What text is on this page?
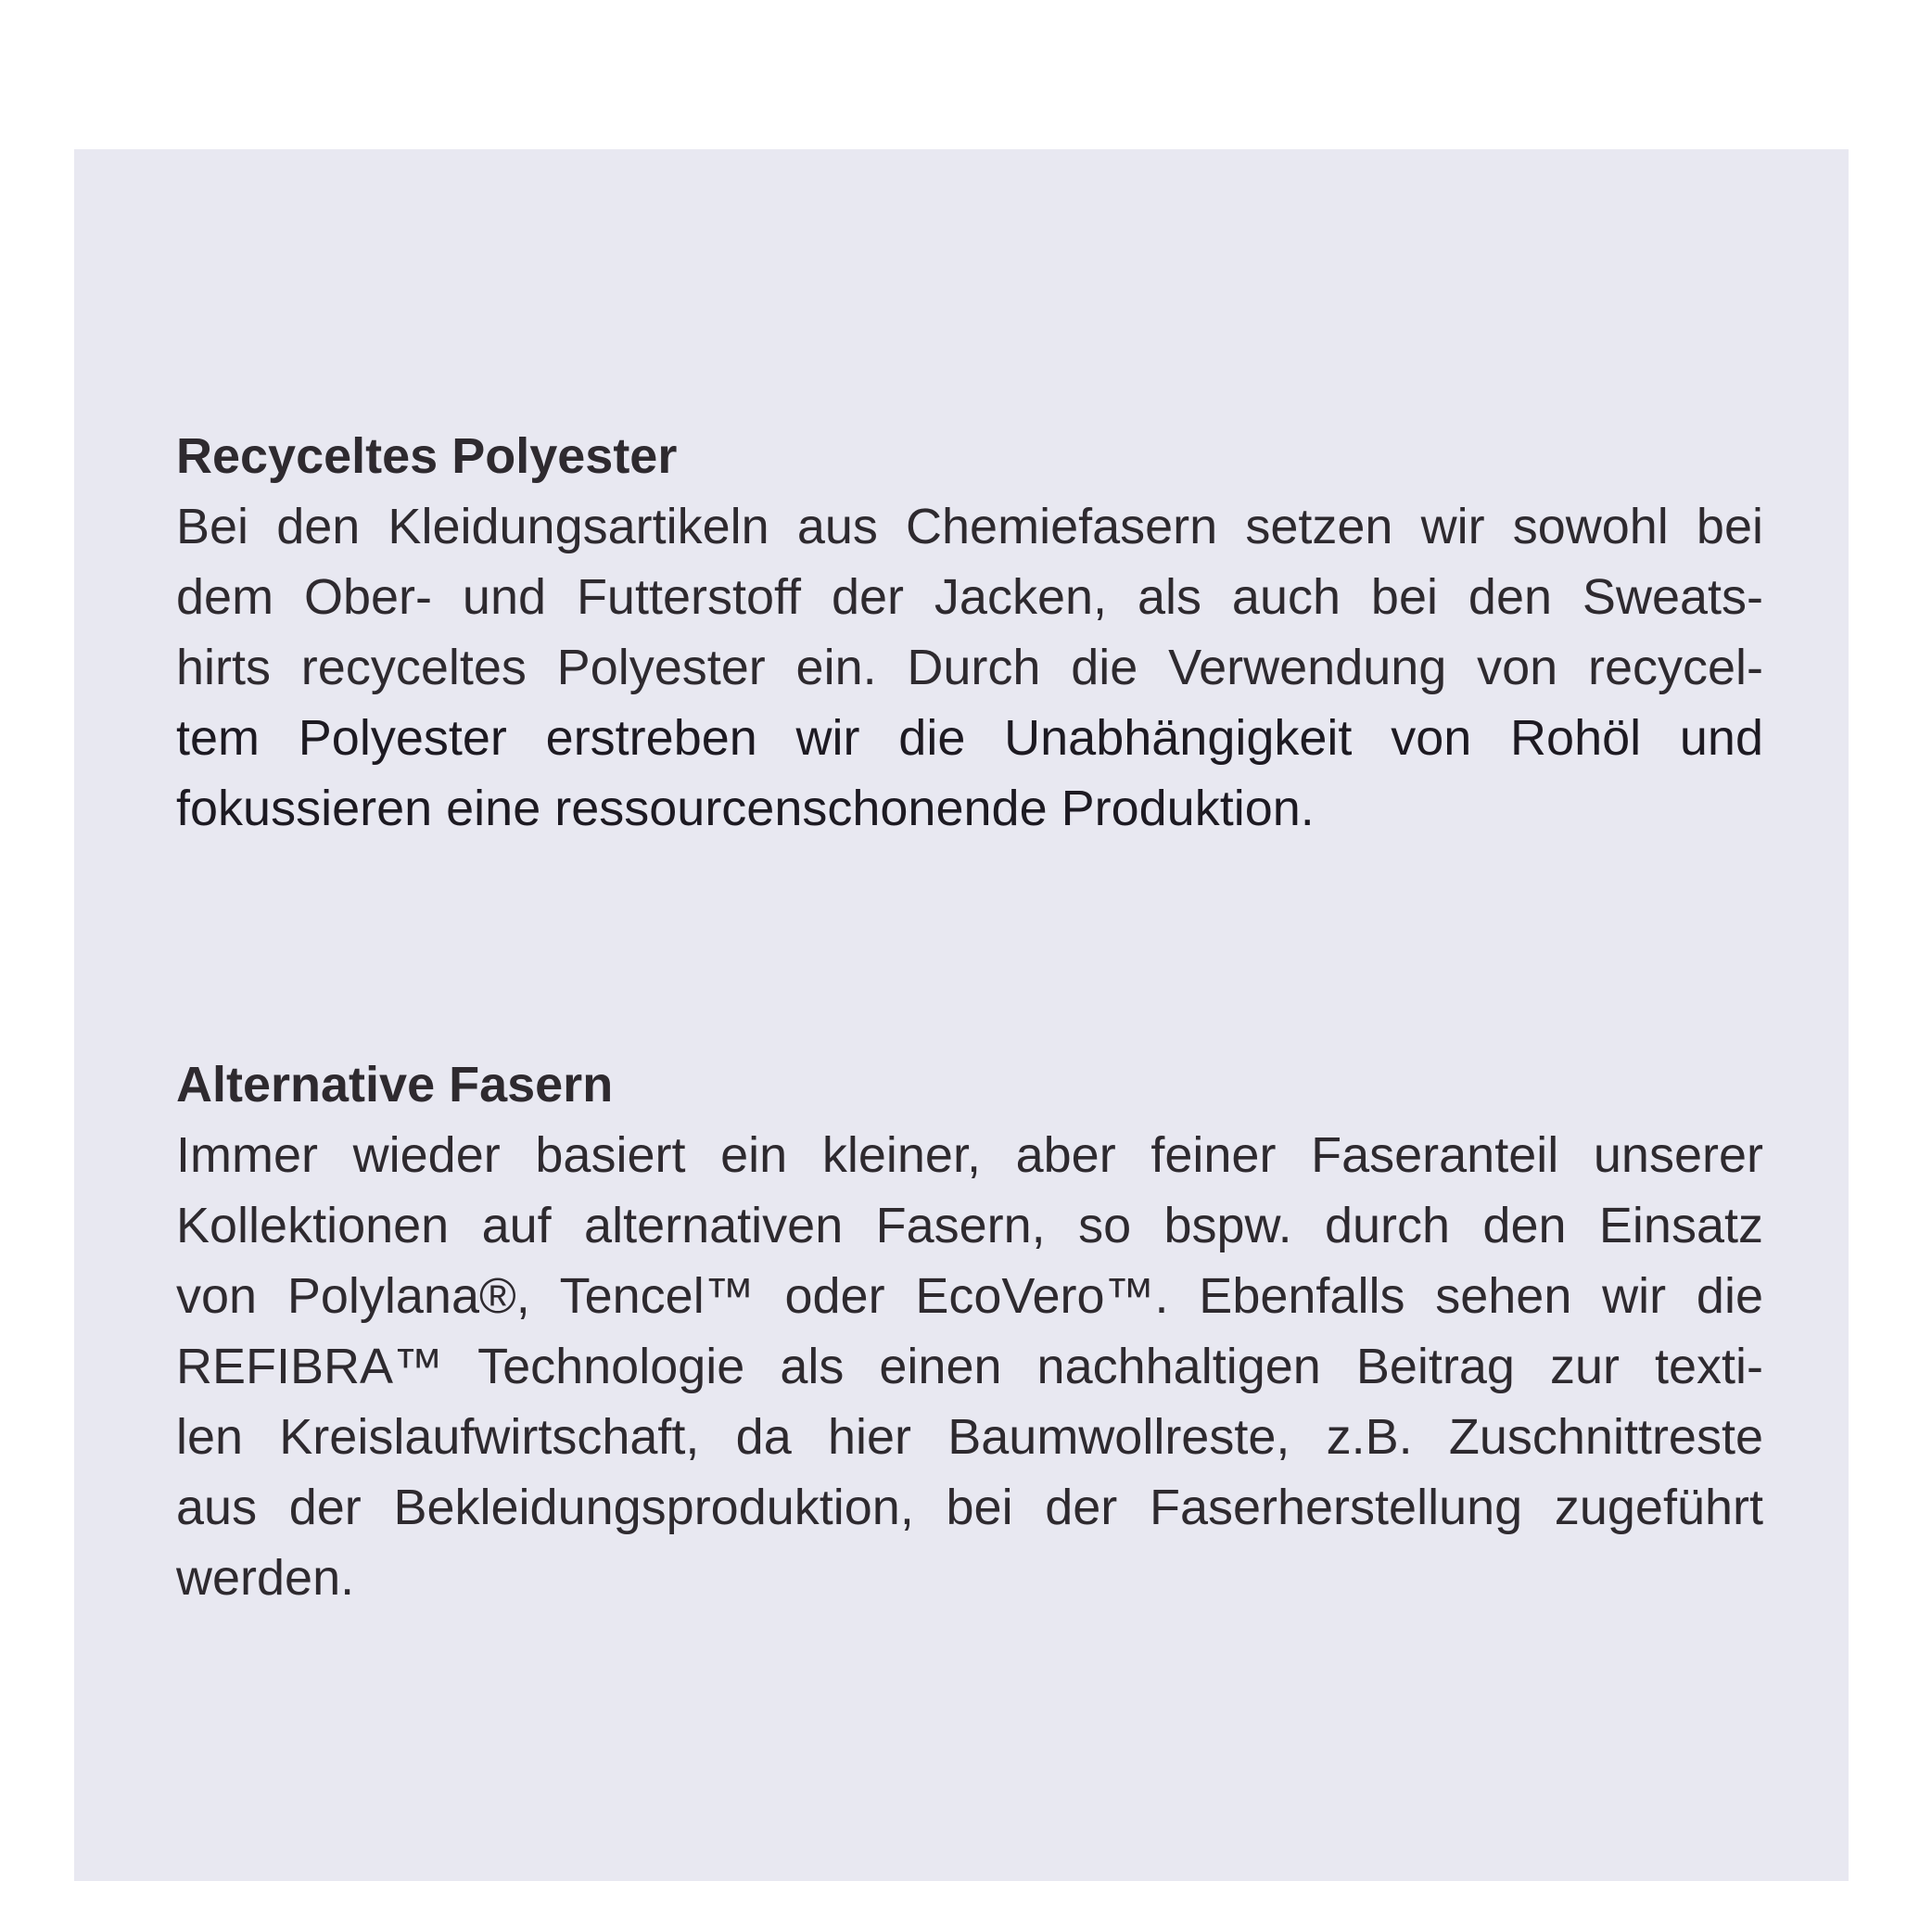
Recyceltes Polyester
Bei den Kleidungsartikeln aus Chemiefasern setzen wir sowohl bei
dem Ober- und Futterstoff der Jacken, als auch bei den Sweats-
hirts recyceltes Polyester ein. Durch die Verwendung von recycel-
tem Polyester erstreben wir die Unabhängigkeit von Rohöl und
fokussieren eine ressourcenschonende Produktion.
Alternative Fasern
Immer wieder basiert ein kleiner, aber feiner Faseranteil unserer
Kollektionen auf alternativen Fasern, so bspw. durch den Einsatz
von Polylana®, Tencel™ oder EcoVero™. Ebenfalls sehen wir die
REFIBRA™ Technologie als einen nachhaltigen Beitrag zur texti-
len Kreislaufwirtschaft, da hier Baumwollreste, z.B. Zuschnittreste
aus der Bekleidungsproduktion, bei der Faserherstellung zugeführt
werden.
